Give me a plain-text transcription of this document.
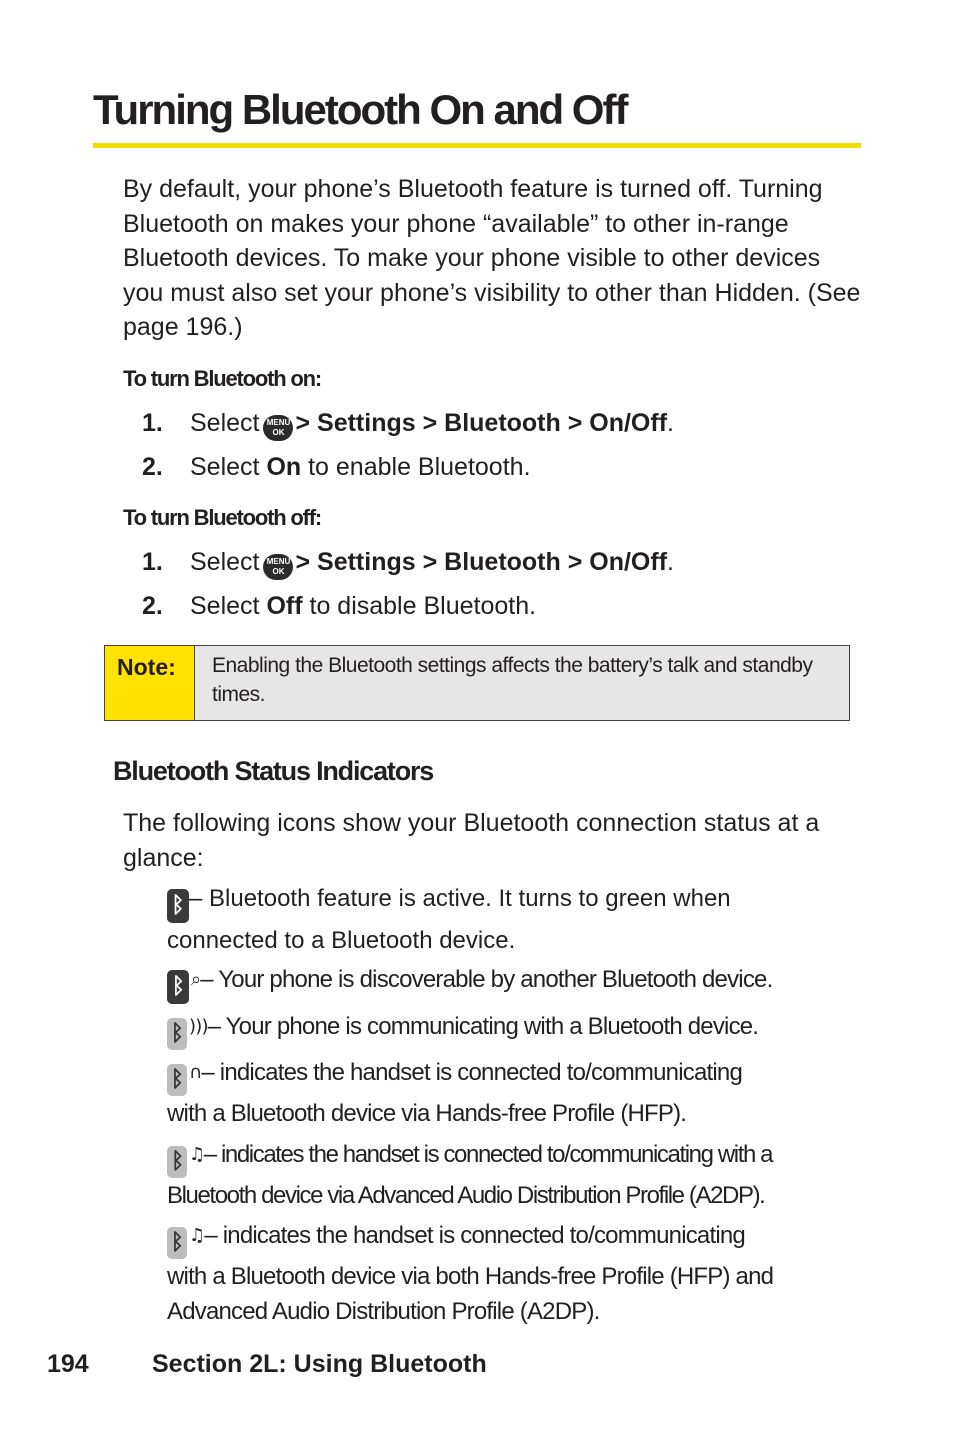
Turning Bluetooth On and Off
By default, your phone’s Bluetooth feature is turned off. Turning Bluetooth on makes your phone “available” to other in-range Bluetooth devices. To make your phone visible to other devices you must also set your phone’s visibility to other than Hidden. (See page 196.)
To turn Bluetooth on:
1. Select MENU
OK > Settings > Bluetooth > On/Off.
2. Select On to enable Bluetooth.
To turn Bluetooth off:
1. Select MENU
OK > Settings > Bluetooth > On/Off.
2. Select Off to disable Bluetooth.
Note:	Enabling the Bluetooth settings affects the battery’s talk and standby times.
Bluetooth Status Indicators
The following icons show your Bluetooth connection status at a glance:
ᛒ – Bluetooth feature is active. It turns to green when
connected to a Bluetooth device.
ᛒ ⌕– Your phone is discoverable by another Bluetooth device.
ᛒ )))– Your phone is communicating with a Bluetooth device.
ᛒ ∩– indicates the handset is connected to/communicating
with a Bluetooth device via Hands-free Profile (HFP).
ᛒ ♫– indicates the handset is connected to/communicating with a
Bluetooth device via Advanced Audio Distribution Profile (A2DP).
ᛒ ♫– indicates the handset is connected to/communicating
with a Bluetooth device via both Hands-free Profile (HFP) and
Advanced Audio Distribution Profile (A2DP).
194	Section 2L: Using Bluetooth
